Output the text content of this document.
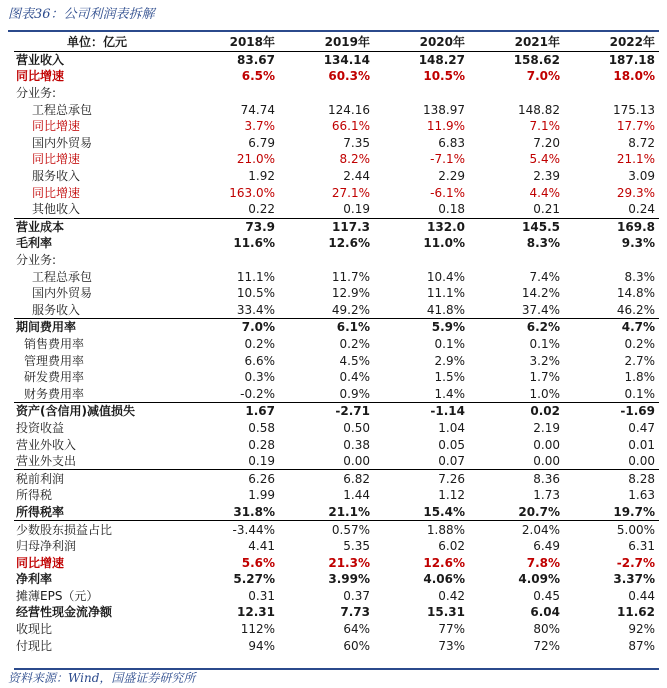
图表36：公司利润表拆解
单位：亿元	2018年	2019年	2020年	2021年	2022年
营业收入	83.67	134.14	148.27	158.62	187.18
同比增速	6.5%	60.3%	10.5%	7.0%	18.0%
分业务:					
工程总承包	74.74	124.16	138.97	148.82	175.13
同比增速	3.7%	66.1%	11.9%	7.1%	17.7%
国内外贸易	6.79	7.35	6.83	7.20	8.72
同比增速	21.0%	8.2%	-7.1%	5.4%	21.1%
服务收入	1.92	2.44	2.29	2.39	3.09
同比增速	163.0%	27.1%	-6.1%	4.4%	29.3%
其他收入	0.22	0.19	0.18	0.21	0.24
营业成本	73.9	117.3	132.0	145.5	169.8
毛利率	11.6%	12.6%	11.0%	8.3%	9.3%
分业务:					
工程总承包	11.1%	11.7%	10.4%	7.4%	8.3%
国内外贸易	10.5%	12.9%	11.1%	14.2%	14.8%
服务收入	33.4%	49.2%	41.8%	37.4%	46.2%
期间费用率	7.0%	6.1%	5.9%	6.2%	4.7%
销售费用率	0.2%	0.2%	0.1%	0.1%	0.2%
管理费用率	6.6%	4.5%	2.9%	3.2%	2.7%
研发费用率	0.3%	0.4%	1.5%	1.7%	1.8%
财务费用率	-0.2%	0.9%	1.4%	1.0%	0.1%
资产(含信用)减值损失	1.67	-2.71	-1.14	0.02	-1.69
投资收益	0.58	0.50	1.04	2.19	0.47
营业外收入	0.28	0.38	0.05	0.00	0.01
营业外支出	0.19	0.00	0.07	0.00	0.00
税前利润	6.26	6.82	7.26	8.36	8.28
所得税	1.99	1.44	1.12	1.73	1.63
所得税率	31.8%	21.1%	15.4%	20.7%	19.7%
少数股东损益占比	-3.44%	0.57%	1.88%	2.04%	5.00%
归母净利润	4.41	5.35	6.02	6.49	6.31
同比增速	5.6%	21.3%	12.6%	7.8%	-2.7%
净利率	5.27%	3.99%	4.06%	4.09%	3.37%
摊薄EPS（元）	0.31	0.37	0.42	0.45	0.44
经营性现金流净额	12.31	7.73	15.31	6.04	11.62
收现比	112%	64%	77%	80%	92%
付现比	94%	60%	73%	72%	87%
资料来源：Wind，国盛证券研究所
